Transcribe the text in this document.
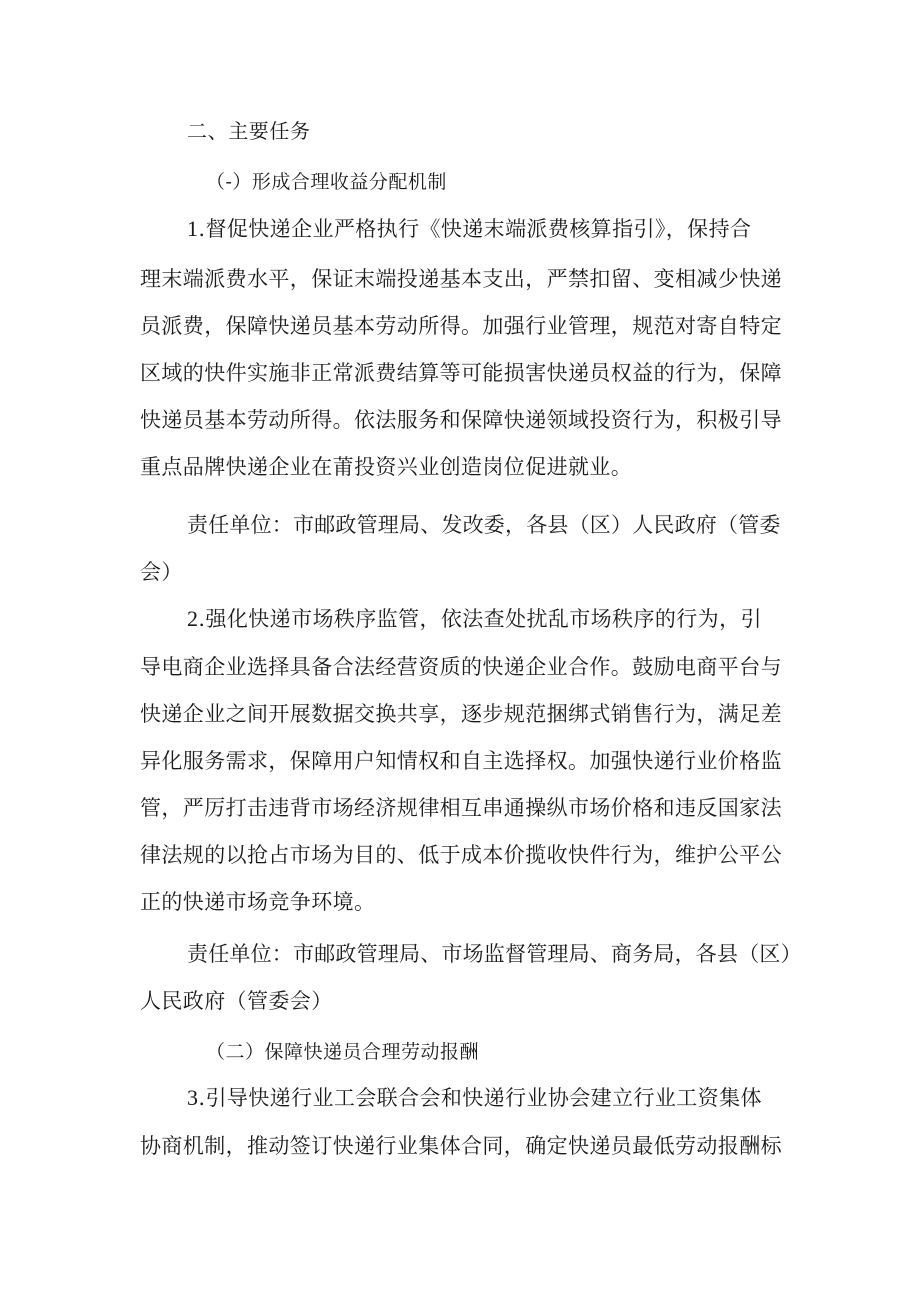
二、主要任务
（-）形成合理收益分配机制
1.督促快递企业严格执行《快递末端派费核算指引》，保持合
理末端派费水平，保证末端投递基本支出，严禁扣留、变相减少快递
员派费，保障快递员基本劳动所得。加强行业管理，规范对寄自特定
区域的快件实施非正常派费结算等可能损害快递员权益的行为，保障
快递员基本劳动所得。依法服务和保障快递领域投资行为，积极引导
重点品牌快递企业在莆投资兴业创造岗位促进就业。
责任单位：市邮政管理局、发改委，各县（区）人民政府（管委
会）
2.强化快递市场秩序监管，依法查处扰乱市场秩序的行为，引
导电商企业选择具备合法经营资质的快递企业合作。鼓励电商平台与
快递企业之间开展数据交换共享，逐步规范捆绑式销售行为，满足差
异化服务需求，保障用户知情权和自主选择权。加强快递行业价格监
管，严厉打击违背市场经济规律相互串通操纵市场价格和违反国家法
律法规的以抢占市场为目的、低于成本价揽收快件行为，维护公平公
正的快递市场竞争环境。
责任单位：市邮政管理局、市场监督管理局、商务局，各县（区）
人民政府（管委会）
（二）保障快递员合理劳动报酬
3.引导快递行业工会联合会和快递行业协会建立行业工资集体
协商机制，推动签订快递行业集体合同，确定快递员最低劳动报酬标
